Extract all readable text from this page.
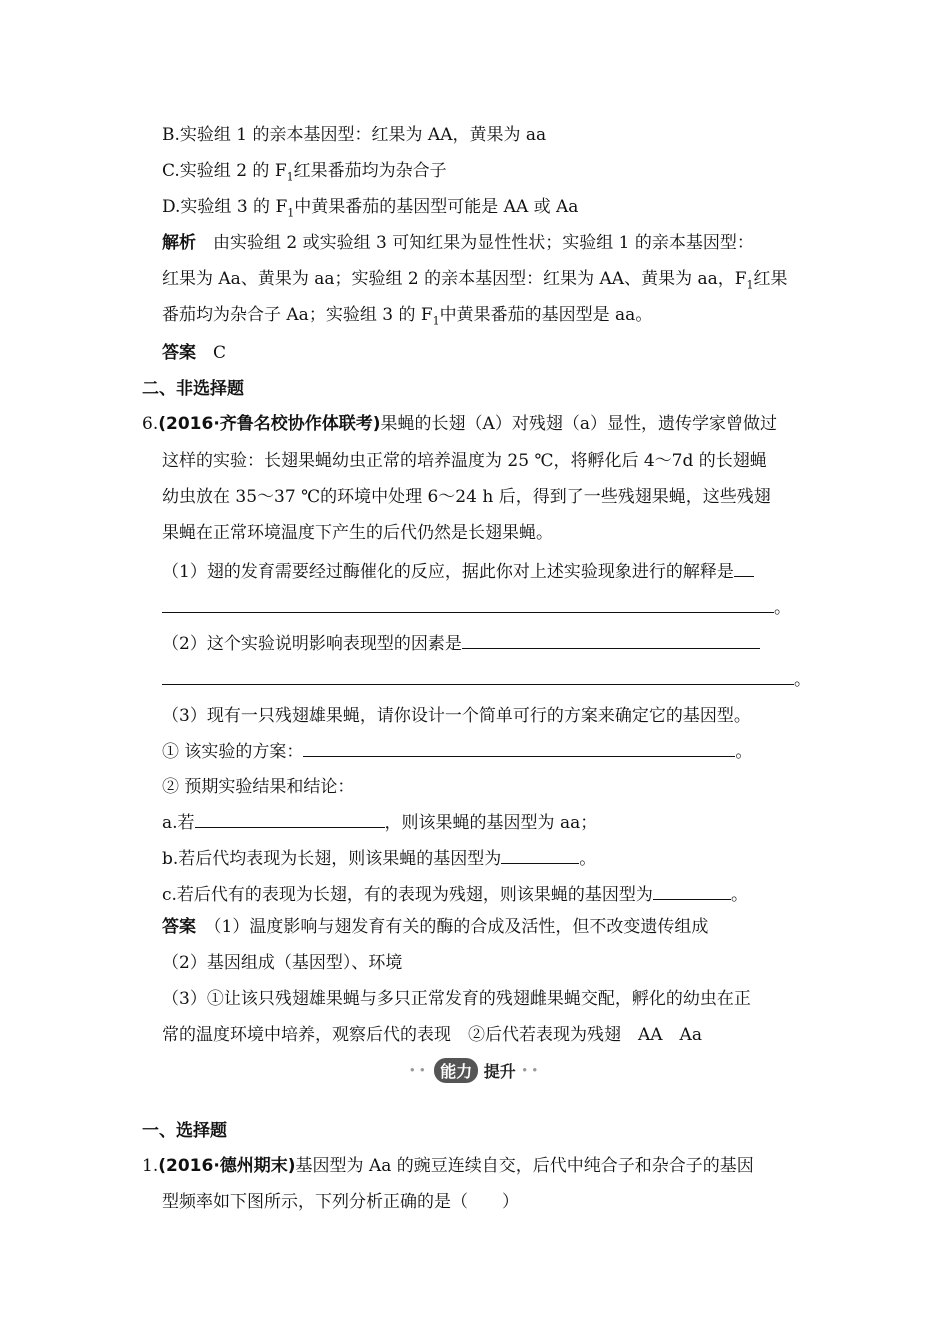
B.实验组 1 的亲本基因型：红果为 AA，黄果为 aa
C.实验组 2 的 $F_1$红果番茄均为杂合子
D.实验组 3 的 $F_1$中黄果番茄的基因型可能是 AA 或 Aa
解析　 由实验组 2 或实验组 3 可知红果为显性性状；实验组 1 的亲本基因型：
红果为 Aa、黄果为 aa；实验组 2 的亲本基因型：红果为 AA、黄果为 aa，$F_1$红果
番茄均为杂合子 Aa；实验组 3 的 $F_1$中黄果番茄的基因型是 aa。
答案　 C
二、非选择题
6.(2016·齐鲁名校协作体联考)果蝇的长翅（A）对残翅（a）显性，遗传学家曾做过
这样的实验：长翅果蝇幼虫正常的培养温度为 25 ℃，将孵化后 4～7d 的长翅蝇
幼虫放在 35～37 ℃的环境中处理 6～24 h 后，得到了一些残翅果蝇，这些残翅
果蝇在正常环境温度下产生的后代仍然是长翅果蝇。
（1）翅的发育需要经过酶催化的反应，据此你对上述实验现象进行的解释是
。
（2）这个实验说明影响表现型的因素是
。
（3）现有一只残翅雄果蝇，请你设计一个简单可行的方案来确定它的基因型。
① 该实验的方案：	。
② 预期实验结果和结论：
a.若	，则该果蝇的基因型为 aa；
b.若后代均表现为长翅，则该果蝇的基因型为	。
c.若后代有的表现为长翅，有的表现为残翅，则该果蝇的基因型为	。
答案　 （1）温度影响与翅发育有关的酶的合成及活性，但不改变遗传组成
（2）基因组成（基因型）、环境
（3）①让该只残翅雄果蝇与多只正常发育的残翅雌果蝇交配，孵化的幼虫在正
常的温度环境中培养，观察后代的表现　②后代若表现为残翅　AA　Aa
•• 能力 提升 ••
一、选择题
1.(2016·德州期末)基因型为 Aa 的豌豆连续自交，后代中纯合子和杂合子的基因
型频率如下图所示，下列分析正确的是（　　）
